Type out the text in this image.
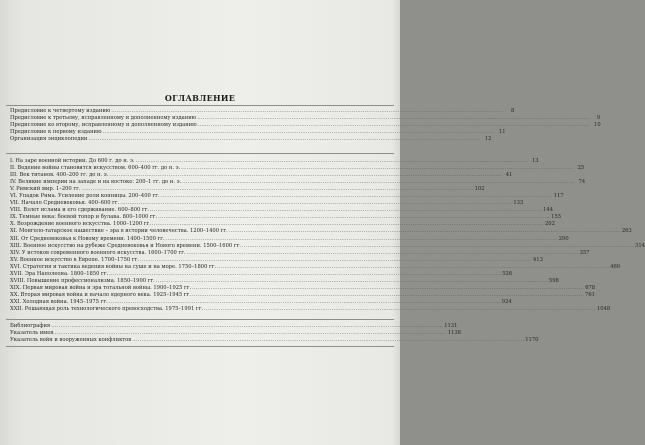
ОГЛАВЛЕНИЕ
Предисловие к четвертому изданию .....	8
Предисловие к третьему, исправленному и дополненному изданию .....	9
Предисловие ко второму, исправленному и дополненному изданию .....	10
Предисловие к первому изданию .....	11
Организация энциклопедии .....	12
I. На заре военной истории. До 600 г. до н. э. .....	13
II. Ведение войны становится искусством. 600–400 гг. до н. э. .....	25
III. Век титанов. 400–200 гг. до н. э. .....	41
IV. Великие империи на западе и на востоке: 200–1 гг. до н. э. .....	74
V. Римский мир. 1–200 гг. .....	102
VI. Упадок Рима. Усиление роли конницы. 200–400 гг. .....	117
VII. Начало Средневековья. 400–600 гг. .....	133
VIII. Взлет ислама и его сдерживание. 600–800 гг. .....	144
IX. Темные века: боевой топор и булава. 800–1000 гг. .....	155
X. Возрождение военного искусства. 1000–1200 гг. .....	202
XI. Монголо-татарское нашествие – эра в истории человечества. 1200–1400 гг. .....	263
XII. От Средневековья к Новому времени. 1400–1500 гг. .....	290
XIII. Военное искусство на рубеже Средневековья и Нового времени. 1500–1600 гг. .....	314
XIV. У истоков современного военного искусства. 1600–1700 гг. .....	357
XV. Военное искусство в Европе. 1700–1750 гг. .....	413
XVI. Стратегия и тактика ведения войны на суше и на море. 1750–1800 гг. .....	469
XVII. Эра Наполеона. 1800–1850 гг. .....	526
XVIII. Повышение профессионализма. 1850–1900 гг. .....	598
XIX. Первая мировая война и эра тотальной войны. 1900–1925 гг. .....	678
XX. Вторая мировая война и начало ядерного века. 1925–1945 гг. .....	761
XXI. Холодная война. 1945–1975 гг. .....	924
XXII. Решающая роль технологического превосходства. 1975–1991 гг. .....	1048
Библиография .....	1131
Указатель имен .....	1138
Указатель войн и вооруженных конфликтов .....	1170
